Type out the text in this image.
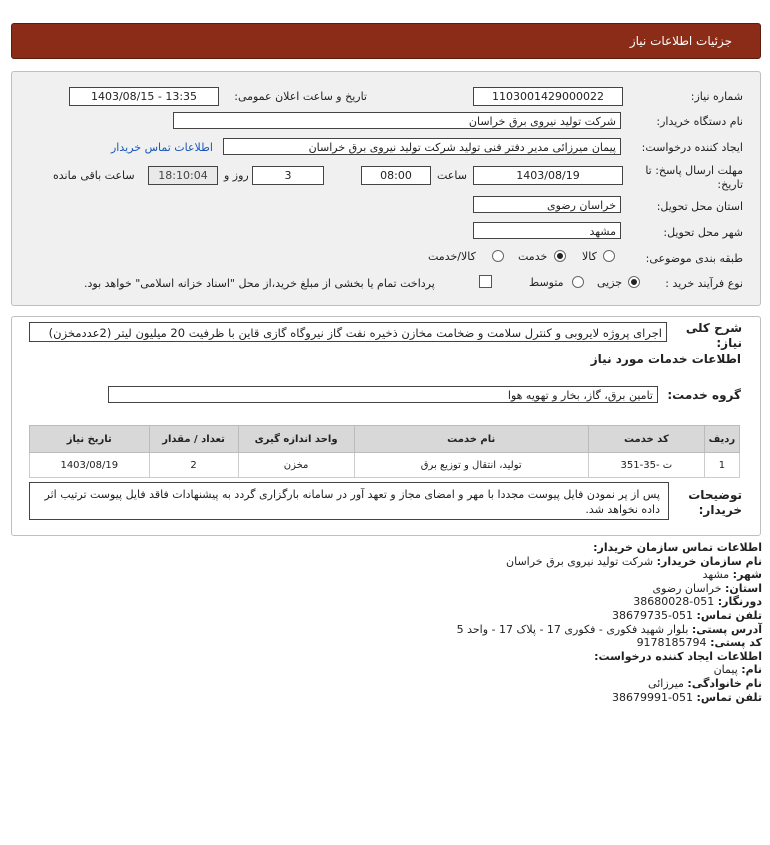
جزئیات اطلاعات نیاز
شماره نیاز:
1103001429000022
تاریخ و ساعت اعلان عمومی:
1403/08/15 - 13:35
نام دستگاه خریدار:
شرکت تولید نیروی برق خراسان
ایجاد کننده درخواست:
پیمان میرزائی مدیر دفتر فنی تولید شرکت تولید نیروی برق خراسان
اطلاعات تماس خریدار
مهلت ارسال پاسخ: تا
تاریخ:
1403/08/19
ساعت
08:00
3
روز و
18:10:04
ساعت باقی مانده
استان محل تحویل:
خراسان رضوی
شهر محل تحویل:
مشهد
طبقه بندی موضوعی:
کالا
خدمت
کالا/خدمت
نوع فرآیند خرید :
جزیی
متوسط
پرداخت تمام یا بخشی از مبلغ خرید،از محل "اسناد خزانه اسلامی" خواهد بود.
شرح کلی
نیاز:
اجرای پروژه لایروبی و کنترل سلامت و ضخامت مخازن ذخیره نفت گاز نیروگاه گازی قاین با ظرفیت 20 میلیون لیتر (2عددمخزن)
اطلاعات خدمات مورد نیاز
گروه خدمت:
تامین برق، گاز، بخار و تهویه هوا
ردیف	کد خدمت	نام خدمت	واحد اندازه گیری	تعداد / مقدار	تاریخ نیاز
1	ت -35-351	تولید، انتقال و توزیع برق	مخزن	2	1403/08/19
توضیحات
خریدار:
پس از پر نمودن فایل پیوست مجددا با مهر و امضای مجاز و تعهد آور در سامانه بارگزاری گردد به پیشنهادات فاقد فایل پیوست ترتیب اثر داده نخواهد شد.
اطلاعات تماس سازمان خریدار:
نام سازمان خریدار: شرکت تولید نیروی برق خراسان
شهر: مشهد
استان: خراسان رضوی
دورنگار: 051-38680028
تلفن تماس: 051-38679735
آدرس پستی: بلوار شهید فکوری - فکوری 17 - پلاک 17 - واحد 5
کد پستی: 9178185794
اطلاعات ایجاد کننده درخواست:
نام: پیمان
نام خانوادگی: میرزائی
تلفن تماس: 051-38679991
